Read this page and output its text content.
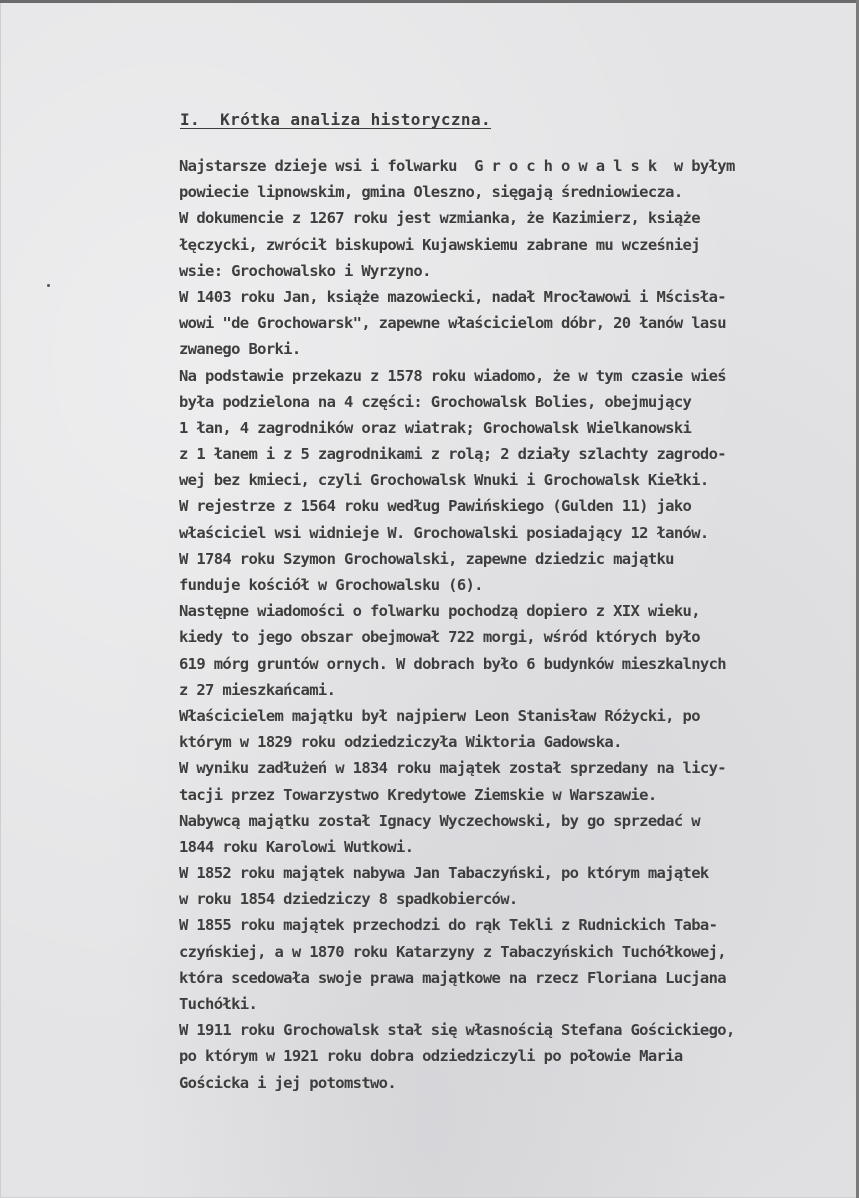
I.  Krótka analiza historyczna.
Najstarsze dzieje wsi i folwarku  G r o c h o w a l s k  w byłym
powiecie lipnowskim, gmina Oleszno, sięgają średniowiecza.
W dokumencie z 1267 roku jest wzmianka, że Kazimierz, książe
łęczycki, zwrócił biskupowi Kujawskiemu zabrane mu wcześniej
wsie: Grochowalsko i Wyrzyno.
W 1403 roku Jan, książe mazowiecki, nadał Mrocławowi i Mścisła-
wowi "de Grochowarsk", zapewne właścicielom dóbr, 20 łanów lasu
zwanego Borki.
Na podstawie przekazu z 1578 roku wiadomo, że w tym czasie wieś
była podzielona na 4 części: Grochowalsk Bolies, obejmujący
1 łan, 4 zagrodników oraz wiatrak; Grochowalsk Wielkanowski
z 1 łanem i z 5 zagrodnikami z rolą; 2 działy szlachty zagrodo-
wej bez kmieci, czyli Grochowalsk Wnuki i Grochowalsk Kiełki.
W rejestrze z 1564 roku według Pawińskiego (Gulden 11) jako
właściciel wsi widnieje W. Grochowalski posiadający 12 łanów.
W 1784 roku Szymon Grochowalski, zapewne dziedzic majątku
funduje kościół w Grochowalsku (6).
Następne wiadomości o folwarku pochodzą dopiero z XIX wieku,
kiedy to jego obszar obejmował 722 morgi, wśród których było
619 mórg gruntów ornych. W dobrach było 6 budynków mieszkalnych
z 27 mieszkańcami.
Właścicielem majątku był najpierw Leon Stanisław Różycki, po
którym w 1829 roku odziedziczyła Wiktoria Gadowska.
W wyniku zadłużeń w 1834 roku majątek został sprzedany na licy-
tacji przez Towarzystwo Kredytowe Ziemskie w Warszawie.
Nabywcą majątku został Ignacy Wyczechowski, by go sprzedać w
1844 roku Karolowi Wutkowi.
W 1852 roku majątek nabywa Jan Tabaczyński, po którym majątek
w roku 1854 dziedziczy 8 spadkobierców.
W 1855 roku majątek przechodzi do rąk Tekli z Rudnickich Taba-
czyńskiej, a w 1870 roku Katarzyny z Tabaczyńskich Tuchółkowej,
która scedowała swoje prawa majątkowe na rzecz Floriana Lucjana
Tuchółki.
W 1911 roku Grochowalsk stał się własnością Stefana Gościckiego,
po którym w 1921 roku dobra odziedziczyli po połowie Maria
Gościcka i jej potomstwo.
